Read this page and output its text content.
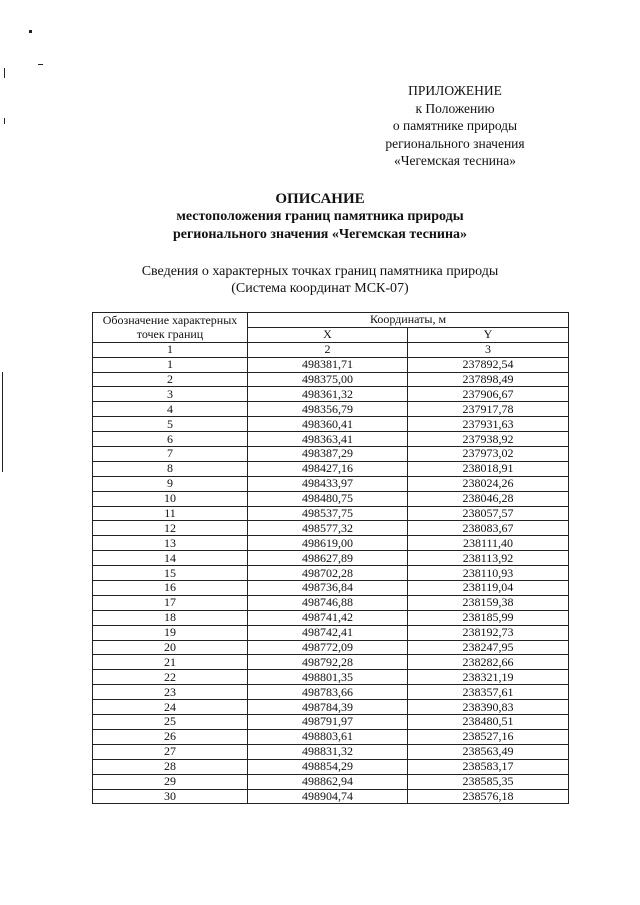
ПРИЛОЖЕНИЕ
к Положению
о памятнике природы
регионального значения
«Чегемская теснина»
ОПИСАНИЕ
местоположения границ памятника природы
регионального значения «Чегемская теснина»
Сведения о характерных точках границ памятника природы
(Система координат МСК-07)
Обозначение характерных точек границ	Координаты, м	
	X	Y
1	2	3
1	498381,71	237892,54
2	498375,00	237898,49
3	498361,32	237906,67
4	498356,79	237917,78
5	498360,41	237931,63
6	498363,41	237938,92
7	498387,29	237973,02
8	498427,16	238018,91
9	498433,97	238024,26
10	498480,75	238046,28
11	498537,75	238057,57
12	498577,32	238083,67
13	498619,00	238111,40
14	498627,89	238113,92
15	498702,28	238110,93
16	498736,84	238119,04
17	498746,88	238159,38
18	498741,42	238185,99
19	498742,41	238192,73
20	498772,09	238247,95
21	498792,28	238282,66
22	498801,35	238321,19
23	498783,66	238357,61
24	498784,39	238390,83
25	498791,97	238480,51
26	498803,61	238527,16
27	498831,32	238563,49
28	498854,29	238583,17
29	498862,94	238585,35
30	498904,74	238576,18
